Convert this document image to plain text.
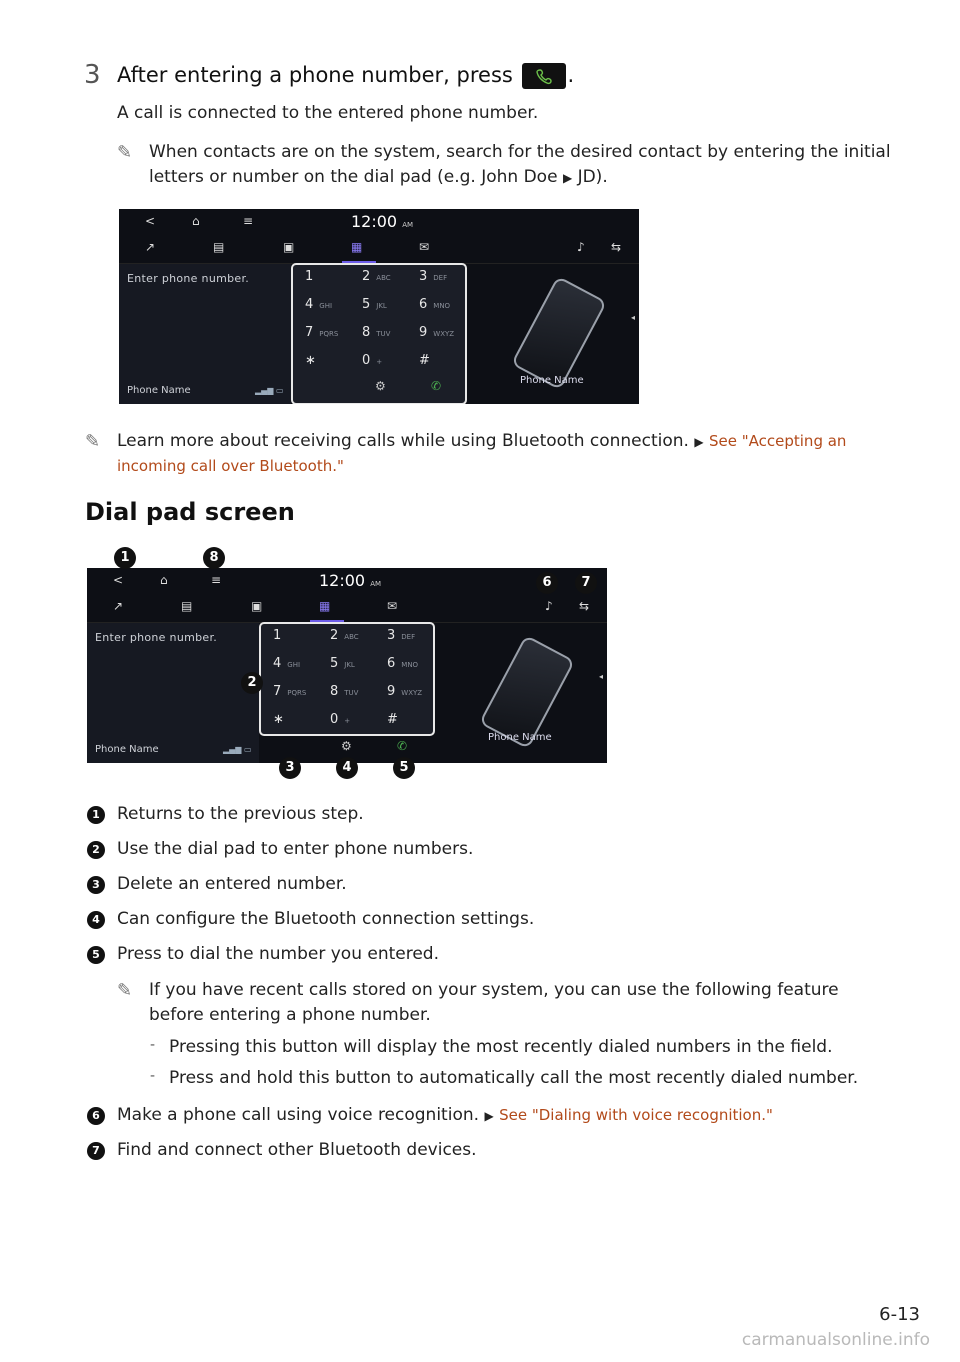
3 After entering a phone number, press	.
A call is connected to the entered phone number.
✎ When contacts are on the system, search for the desired contact by entering the initial
letters or number on the dial pad (e.g. John Doe ▶ JD).
<	⌂	≡	12:00 AM
↗	▤	▣	▦	✉	♪ ⇆
Enter phone number.
Phone Name	▂▄▆ ▭
1	2 ABC 3 DEF
4 GHI 5 JKL 6 MNO
7 PQRS 8 TUV 9 WXYZ
∗	0 +	#
⚙	✆	Phone Name
◂
✎ Learn more about receiving calls while using Bluetooth connection. ▶ See "Accepting an
incoming call over Bluetooth."
Dial pad screen
<	⌂	≡	12:00 AM
↗	▤	▣	▦	✉	♪ ⇆
Enter phone number.
Phone Name	▂▄▆ ▭
1	2 ABC 3 DEF
4 GHI 5 JKL 6 MNO
7 PQRS 8 TUV 9 WXYZ
∗	0 +	#
⚙	✆
Phone Name
◂
1	8
6	7
2
3	4	5
1	Returns to the previous step.
2	Use the dial pad to enter phone numbers.
3	Delete an entered number.
4	Can configure the Bluetooth connection settings.
5	Press to dial the number you entered.
✎ If you have recent calls stored on your system, you can use the following feature
before entering a phone number.
- Pressing this button will display the most recently dialed numbers in the field.
- Press and hold this button to automatically call the most recently dialed number.
6	Make a phone call using voice recognition. ▶ See "Dialing with voice recognition."
7	Find and connect other Bluetooth devices.
6-13
carmanualsonline.info
